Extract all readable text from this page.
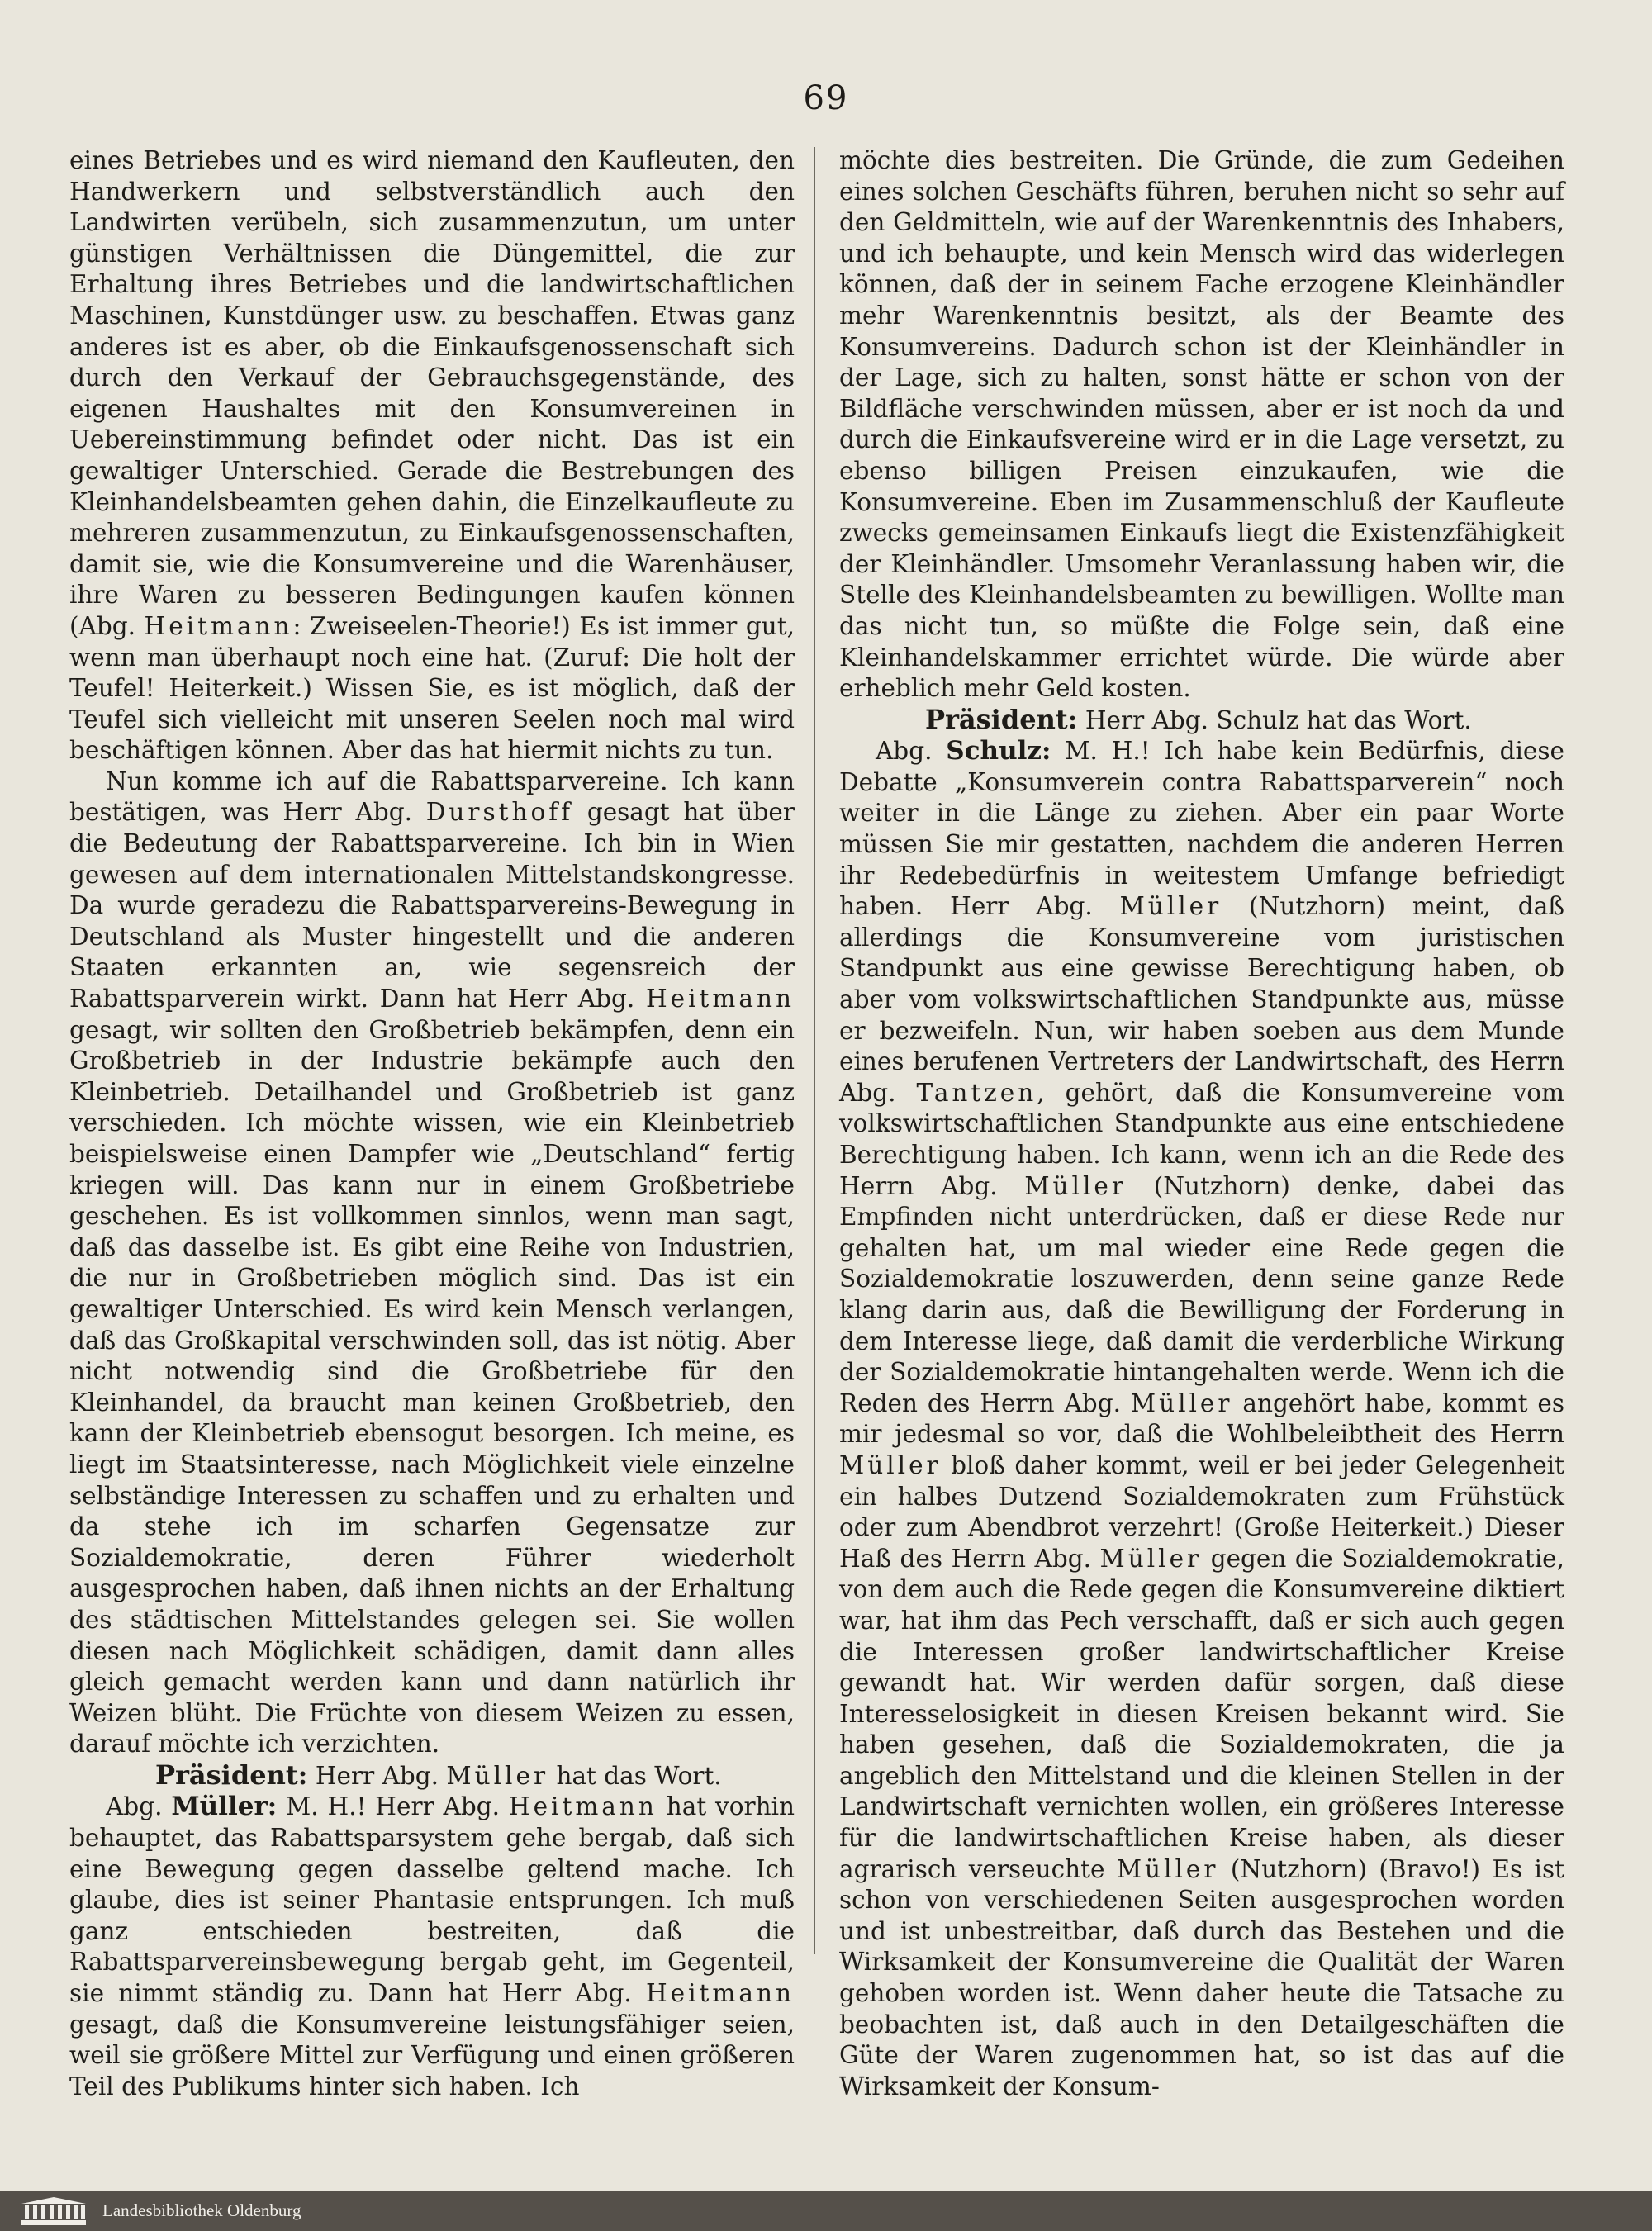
69

eines Betriebes und es wird niemand den Kaufleuten, den Handwerkern und selbstverständlich auch den Landwirten verübeln, sich zusammenzutun, um unter günstigen Verhältnissen die Düngemittel, die zur Erhaltung ihres Betriebes und die landwirtschaftlichen Maschinen, Kunstdünger usw. zu beschaffen. Etwas ganz anderes ist es aber, ob die Einkaufsgenossenschaft sich durch den Verkauf der Gebrauchsgegenstände, des eigenen Haushaltes mit den Konsumvereinen in Uebereinstimmung befindet oder nicht. Das ist ein gewaltiger Unterschied. Gerade die Bestrebungen des Kleinhandelsbeamten gehen dahin, die Einzelkaufleute zu mehreren zusammenzutun, zu Einkaufsgenossenschaften, damit sie, wie die Konsumvereine und die Warenhäuser, ihre Waren zu besseren Bedingungen kaufen können (Abg. Heitmann: Zweiseelen-Theorie!) Es ist immer gut, wenn man überhaupt noch eine hat. (Zuruf: Die holt der Teufel! Heiterkeit.) Wissen Sie, es ist möglich, daß der Teufel sich vielleicht mit unseren Seelen noch mal wird beschäftigen können. Aber das hat hiermit nichts zu tun.

Nun komme ich auf die Rabattsparvereine. Ich kann bestätigen, was Herr Abg. Dursthoff gesagt hat über die Bedeutung der Rabattsparvereine. Ich bin in Wien gewesen auf dem internationalen Mittelstandskongresse. Da wurde geradezu die Rabattsparvereins-Bewegung in Deutschland als Muster hingestellt und die anderen Staaten erkannten an, wie segensreich der Rabattsparverein wirkt. Dann hat Herr Abg. Heitmann gesagt, wir sollten den Großbetrieb bekämpfen, denn ein Großbetrieb in der Industrie bekämpfe auch den Kleinbetrieb. Detailhandel und Großbetrieb ist ganz verschieden. Ich möchte wissen, wie ein Kleinbetrieb beispielsweise einen Dampfer wie „Deutschland“ fertig kriegen will. Das kann nur in einem Großbetriebe geschehen. Es ist vollkommen sinnlos, wenn man sagt, daß das dasselbe ist. Es gibt eine Reihe von Industrien, die nur in Großbetrieben möglich sind. Das ist ein gewaltiger Unterschied. Es wird kein Mensch verlangen, daß das Großkapital verschwinden soll, das ist nötig. Aber nicht notwendig sind die Großbetriebe für den Kleinhandel, da braucht man keinen Großbetrieb, den kann der Kleinbetrieb ebensogut besorgen. Ich meine, es liegt im Staatsinteresse, nach Möglichkeit viele einzelne selbständige Interessen zu schaffen und zu erhalten und da stehe ich im scharfen Gegensatze zur Sozialdemokratie, deren Führer wiederholt ausgesprochen haben, daß ihnen nichts an der Erhaltung des städtischen Mittelstandes gelegen sei. Sie wollen diesen nach Möglichkeit schädigen, damit dann alles gleich gemacht werden kann und dann natürlich ihr Weizen blüht. Die Früchte von diesem Weizen zu essen, darauf möchte ich verzichten.

Präsident: Herr Abg. Müller hat das Wort.

Abg. Müller: M. H.! Herr Abg. Heitmann hat vorhin behauptet, das Rabattsparsystem gehe bergab, daß sich eine Bewegung gegen dasselbe geltend mache. Ich glaube, dies ist seiner Phantasie entsprungen. Ich muß ganz entschieden bestreiten, daß die Rabattsparvereinsbewegung bergab geht, im Gegenteil, sie nimmt ständig zu. Dann hat Herr Abg. Heitmann gesagt, daß die Konsumvereine leistungsfähiger seien, weil sie größere Mittel zur Verfügung und einen größeren Teil des Publikums hinter sich haben. Ich

möchte dies bestreiten. Die Gründe, die zum Gedeihen eines solchen Geschäfts führen, beruhen nicht so sehr auf den Geldmitteln, wie auf der Warenkenntnis des Inhabers, und ich behaupte, und kein Mensch wird das widerlegen können, daß der in seinem Fache erzogene Kleinhändler mehr Warenkenntnis besitzt, als der Beamte des Konsumvereins. Dadurch schon ist der Kleinhändler in der Lage, sich zu halten, sonst hätte er schon von der Bildfläche verschwinden müssen, aber er ist noch da und durch die Einkaufsvereine wird er in die Lage versetzt, zu ebenso billigen Preisen einzukaufen, wie die Konsumvereine. Eben im Zusammenschluß der Kaufleute zwecks gemeinsamen Einkaufs liegt die Existenzfähigkeit der Kleinhändler. Umsomehr Veranlassung haben wir, die Stelle des Kleinhandelsbeamten zu bewilligen. Wollte man das nicht tun, so müßte die Folge sein, daß eine Kleinhandelskammer errichtet würde. Die würde aber erheblich mehr Geld kosten.

Präsident: Herr Abg. Schulz hat das Wort.

Abg. Schulz: M. H.! Ich habe kein Bedürfnis, diese Debatte „Konsumverein contra Rabattsparverein“ noch weiter in die Länge zu ziehen. Aber ein paar Worte müssen Sie mir gestatten, nachdem die anderen Herren ihr Redebedürfnis in weitestem Umfange befriedigt haben. Herr Abg. Müller (Nutzhorn) meint, daß allerdings die Konsumvereine vom juristischen Standpunkt aus eine gewisse Berechtigung haben, ob aber vom volkswirtschaftlichen Standpunkte aus, müsse er bezweifeln. Nun, wir haben soeben aus dem Munde eines berufenen Vertreters der Landwirtschaft, des Herrn Abg. Tantzen, gehört, daß die Konsumvereine vom volkswirtschaftlichen Standpunkte aus eine entschiedene Berechtigung haben. Ich kann, wenn ich an die Rede des Herrn Abg. Müller (Nutzhorn) denke, dabei das Empfinden nicht unterdrücken, daß er diese Rede nur gehalten hat, um mal wieder eine Rede gegen die Sozialdemokratie loszuwerden, denn seine ganze Rede klang darin aus, daß die Bewilligung der Forderung in dem Interesse liege, daß damit die verderbliche Wirkung der Sozialdemokratie hintangehalten werde. Wenn ich die Reden des Herrn Abg. Müller angehört habe, kommt es mir jedesmal so vor, daß die Wohlbeleibtheit des Herrn Müller bloß daher kommt, weil er bei jeder Gelegenheit ein halbes Dutzend Sozialdemokraten zum Frühstück oder zum Abendbrot verzehrt! (Große Heiterkeit.) Dieser Haß des Herrn Abg. Müller gegen die Sozialdemokratie, von dem auch die Rede gegen die Konsumvereine diktiert war, hat ihm das Pech verschafft, daß er sich auch gegen die Interessen großer landwirtschaftlicher Kreise gewandt hat. Wir werden dafür sorgen, daß diese Interesselosigkeit in diesen Kreisen bekannt wird. Sie haben gesehen, daß die Sozialdemokraten, die ja angeblich den Mittelstand und die kleinen Stellen in der Landwirtschaft vernichten wollen, ein größeres Interesse für die landwirtschaftlichen Kreise haben, als dieser agrarisch verseuchte Müller (Nutzhorn) (Bravo!) Es ist schon von verschiedenen Seiten ausgesprochen worden und ist unbestreitbar, daß durch das Bestehen und die Wirksamkeit der Konsumvereine die Qualität der Waren gehoben worden ist. Wenn daher heute die Tatsache zu beobachten ist, daß auch in den Detailgeschäften die Güte der Waren zugenommen hat, so ist das auf die Wirksamkeit der Konsum-

Landesbibliothek Oldenburg
